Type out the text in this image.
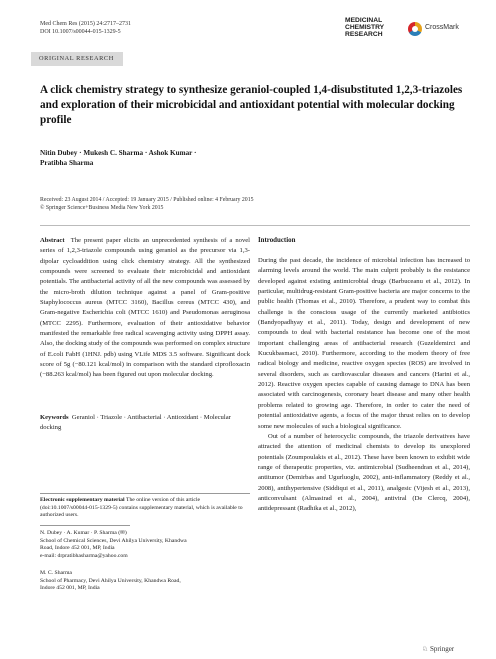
Med Chem Res (2015) 24:2717–2731
DOI 10.1007/s00044-015-1329-5
MEDICINAL
CHEMISTRY
RESEARCH
CrossMark
ORIGINAL RESEARCH
A click chemistry strategy to synthesize geraniol-coupled 1,4-disubstituted 1,2,3-triazoles and exploration of their microbicidal and antioxidant potential with molecular docking profile
Nitin Dubey · Mukesh C. Sharma · Ashok Kumar ·
Pratibha Sharma
Received: 23 August 2014 / Accepted: 19 January 2015 / Published online: 4 February 2015
© Springer Science+Business Media New York 2015
Abstract The present paper elicits an unprecedented synthesis of a novel series of 1,2,3-triazole compounds using geraniol as the precursor via 1,3-dipolar cycloaddition using click chemistry strategy. All the synthesized compounds were screened to evaluate their microbicidal and antioxidant potentials. The antibacterial activity of all the new compounds was assessed by the micro-broth dilution technique against a panel of Gram-positive Staphylococcus aureus (MTCC 3160), Bacillus cereus (MTCC 430), and Gram-negative Escherichia coli (MTCC 1610) and Pseudomonas aeruginosa (MTCC 2295). Furthermore, evaluation of their antioxidative behavior manifested the remarkable free radical scavenging activity using DPPH assay. Also, the docking study of the compounds was performed on complex structure of E.coli FabH (1HNJ. pdb) using VLife MDS 3.5 software. Significant dock score of 5g (−80.121 kcal/mol) in comparison with the standard ciprofloxacin (−88.263 kcal/mol) has been figured out upon molecular docking.
Keywords Geraniol · Triazole · Antibacterial · Antioxidant · Molecular docking
Electronic supplementary material The online version of this article (doi:10.1007/s00044-015-1329-5) contains supplementary material, which is available to authorized users.
N. Dubey · A. Kumar · P. Sharma (✉)
School of Chemical Sciences, Devi Ahilya University, Khandwa
Road, Indore 452 001, MP, India
e-mail: drpratibhasharma@yahoo.com
M. C. Sharma
School of Pharmacy, Devi Ahilya University, Khandwa Road,
Indore 452 001, MP, India
Introduction
During the past decade, the incidence of microbial infection has increased to alarming levels around the world. The main culprit probably is the resistance developed against existing antimicrobial drugs (Barbuceanu et al., 2012). In particular, multidrug-resistant Gram-positive bacteria are major concerns to the public health (Thomas et al., 2010). Therefore, a prudent way to combat this challenge is the conscious usage of the currently marketed antibiotics (Bandyopadhyay et al., 2011). Today, design and development of new compounds to deal with bacterial resistance has become one of the most important challenging areas of antibacterial research (Guzeldemirci and Kucukbasmaci, 2010). Furthermore, according to the modern theory of free radical biology and medicine, reactive oxygen species (ROS) are involved in several disorders, such as cardiovascular diseases and cancers (Harini et al., 2012). Reactive oxygen species capable of causing damage to DNA has been associated with carcinogenesis, coronary heart disease and many other health problems related to growing age. Therefore, in order to cater the need of potential antioxidative agents, a focus of the major thrust relies on to develop some new molecules of such a biological significance.
Out of a number of heterocyclic compounds, the triazole derivatives have attracted the attention of medicinal chemists to develop its unexplored potentials (Zoumpoulakis et al., 2012). These have been known to exhibit wide range of therapeutic properties, viz. antimicrobial (Sudheendran et al., 2014), antitumor (Demirbas and Ugurluoglu, 2002), anti-inflammatory (Reddy et al., 2008), antihypertensive (Siddiqui et al., 2011), analgesic (Vijesh et al., 2013), anticonvulsant (Almasirad et al., 2004), antiviral (De Clercq, 2004), antidepressant (Radhika et al., 2012),
♘ Springer
